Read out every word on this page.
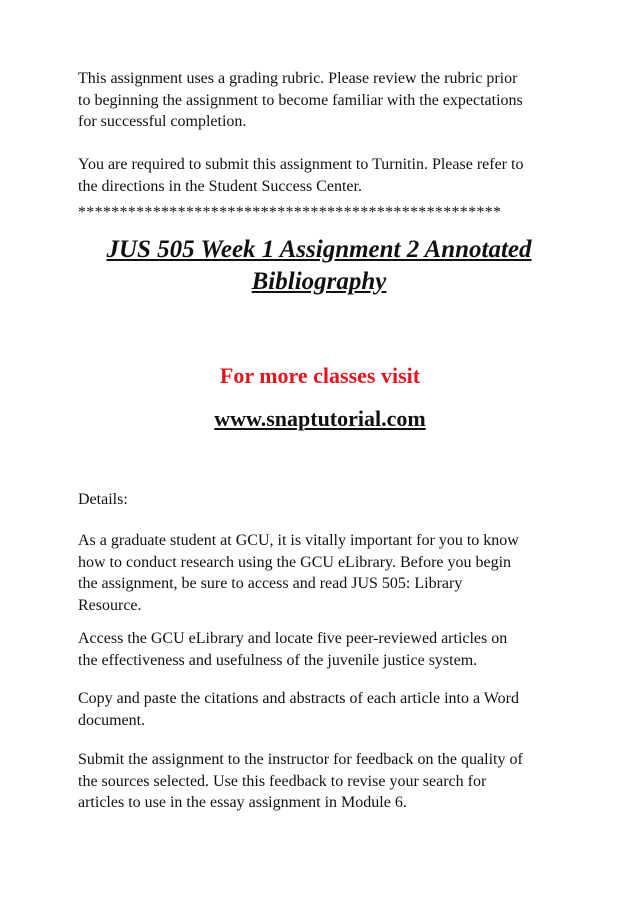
This assignment uses a grading rubric. Please review the rubric prior
to beginning the assignment to become familiar with the expectations
for successful completion.

You are required to submit this assignment to Turnitin. Please refer to
the directions in the Student Success Center.

***************************************************
JUS 505 Week 1 Assignment 2 Annotated
Bibliography

For more classes visit

www.snaptutorial.com

Details:

As a graduate student at GCU, it is vitally important for you to know
how to conduct research using the GCU eLibrary. Before you begin
the assignment, be sure to access and read JUS 505: Library
Resource.

Access the GCU eLibrary and locate five peer-reviewed articles on
the effectiveness and usefulness of the juvenile justice system.

Copy and paste the citations and abstracts of each article into a Word
document.

Submit the assignment to the instructor for feedback on the quality of
the sources selected. Use this feedback to revise your search for
articles to use in the essay assignment in Module 6.
